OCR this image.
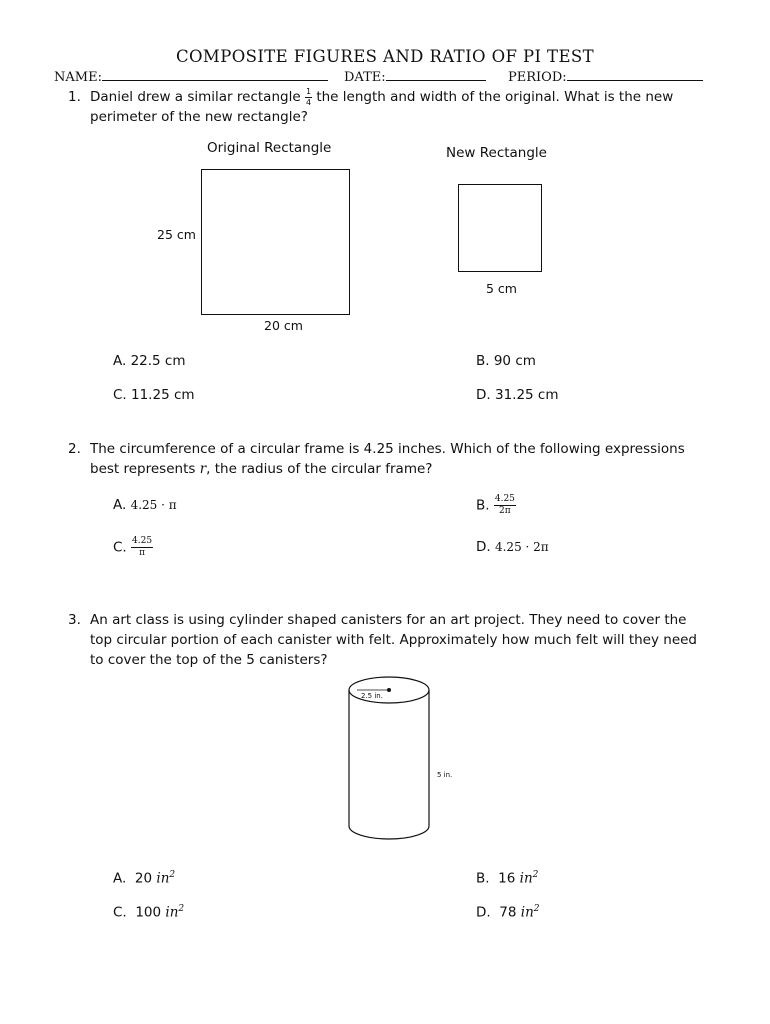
COMPOSITE FIGURES AND RATIO OF PI TEST
NAME:	DATE:	PERIOD:
1. Daniel drew a similar rectangle $\frac{1}{4}$ the length and width of the original. What is the new
perimeter of the new rectangle?
Original Rectangle
25 cm
20 cm
New Rectangle
5 cm
A. 22.5 cm	B. 90 cm
C. 11.25 cm	D. 31.25 cm
2. The circumference of a circular frame is 4.25 inches. Which of the following expressions
best represents r, the radius of the circular frame?
A. 4.25 · π	B. $\frac{4.25}{2\pi}$
C. $\frac{4.25}{\pi}$	D. 4.25 · 2π
3. An art class is using cylinder shaped canisters for an art project. They need to cover the
top circular portion of each canister with felt. Approximately how much felt will they need
to cover the top of the 5 canisters?
2.5 in.
5 in.
A. 20 $in^2$	B. 16 $in^2$
C. 100 $in^2$	D. 78 $in^2$
